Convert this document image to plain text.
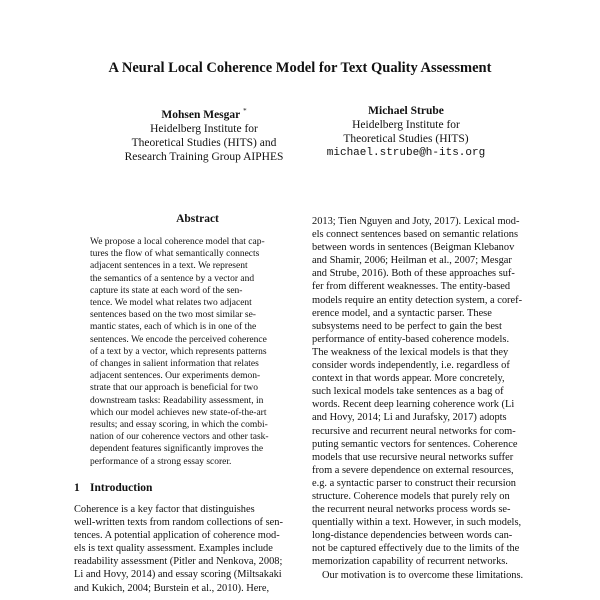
A Neural Local Coherence Model for Text Quality Assessment
Mohsen Mesgar *
Heidelberg Institute for
Theoretical Studies (HITS) and
Research Training Group AIPHES
Michael Strube
Heidelberg Institute for
Theoretical Studies (HITS)
michael.strube@h-its.org
Abstract
We propose a local coherence model that cap-
tures the flow of what semantically connects
adjacent sentences in a text. We represent
the semantics of a sentence by a vector and
capture its state at each word of the sen-
tence. We model what relates two adjacent
sentences based on the two most similar se-
mantic states, each of which is in one of the
sentences. We encode the perceived coherence
of a text by a vector, which represents patterns
of changes in salient information that relates
adjacent sentences. Our experiments demon-
strate that our approach is beneficial for two
downstream tasks: Readability assessment, in
which our model achieves new state-of-the-art
results; and essay scoring, in which the combi-
nation of our coherence vectors and other task-
dependent features significantly improves the
performance of a strong essay scorer.
1 Introduction
Coherence is a key factor that distinguishes
well-written texts from random collections of sen-
tences. A potential application of coherence mod-
els is text quality assessment. Examples include
readability assessment (Pitler and Nenkova, 2008;
Li and Hovy, 2014) and essay scoring (Miltsakaki
and Kukich, 2004; Burstein et al., 2010). Here,
2013; Tien Nguyen and Joty, 2017). Lexical mod-
els connect sentences based on semantic relations
between words in sentences (Beigman Klebanov
and Shamir, 2006; Heilman et al., 2007; Mesgar
and Strube, 2016). Both of these approaches suf-
fer from different weaknesses. The entity-based
models require an entity detection system, a coref-
erence model, and a syntactic parser. These
subsystems need to be perfect to gain the best
performance of entity-based coherence models.
The weakness of the lexical models is that they
consider words independently, i.e. regardless of
context in that words appear. More concretely,
such lexical models take sentences as a bag of
words. Recent deep learning coherence work (Li
and Hovy, 2014; Li and Jurafsky, 2017) adopts
recursive and recurrent neural networks for com-
puting semantic vectors for sentences. Coherence
models that use recursive neural networks suffer
from a severe dependence on external resources,
e.g. a syntactic parser to construct their recursion
structure. Coherence models that purely rely on
the recurrent neural networks process words se-
quentially within a text. However, in such models,
long-distance dependencies between words can-
not be captured effectively due to the limits of the
memorization capability of recurrent networks.
Our motivation is to overcome these limitations.
